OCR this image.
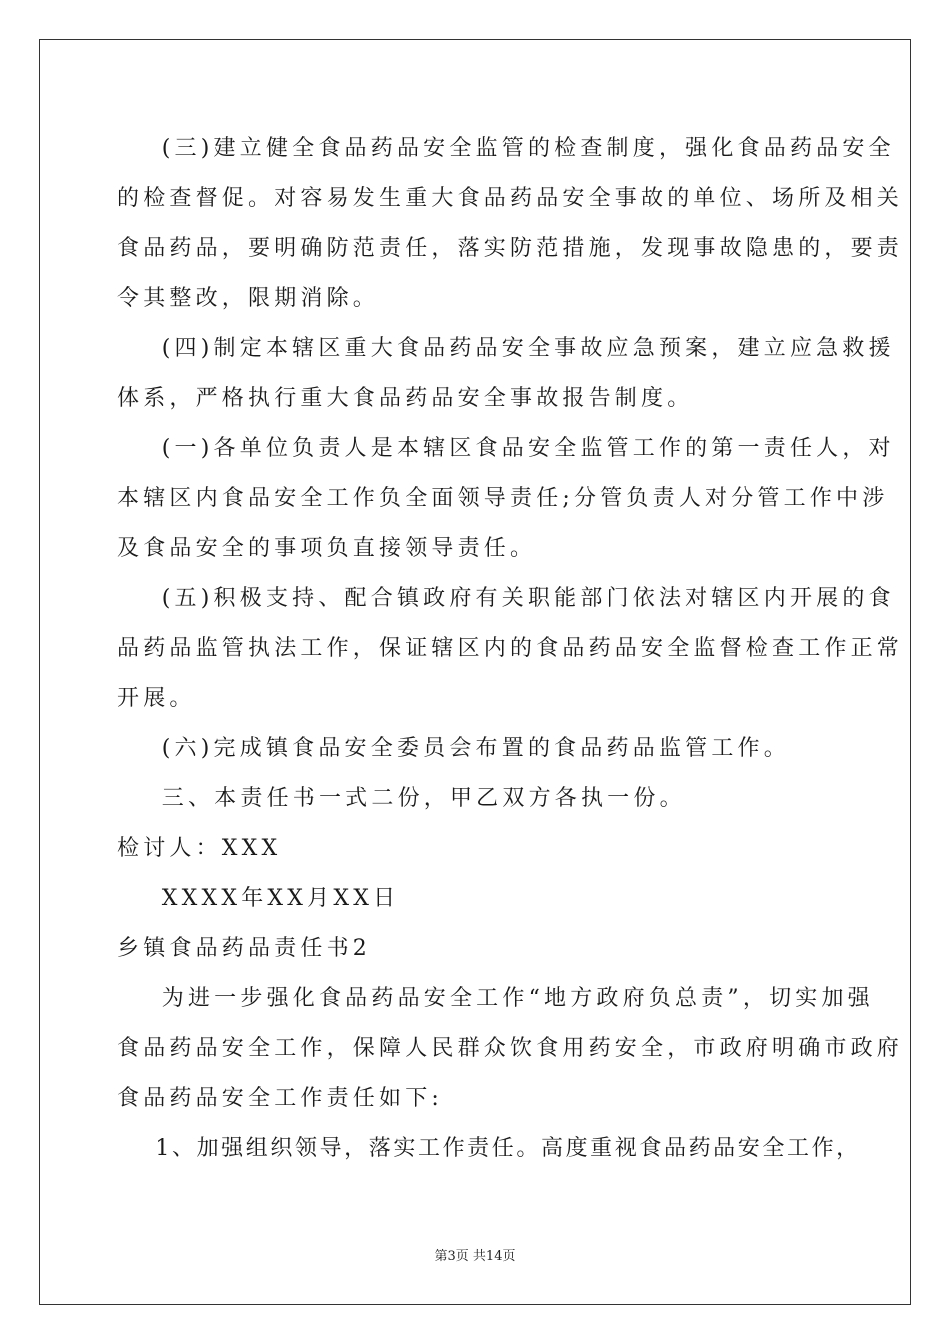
(三)建立健全食品药品安全监管的检查制度，强化食品药品安全
的检查督促。对容易发生重大食品药品安全事故的单位、场所及相关
食品药品，要明确防范责任，落实防范措施，发现事故隐患的，要责
令其整改，限期消除。
(四)制定本辖区重大食品药品安全事故应急预案，建立应急救援
体系，严格执行重大食品药品安全事故报告制度。
(一)各单位负责人是本辖区食品安全监管工作的第一责任人，对
本辖区内食品安全工作负全面领导责任;分管负责人对分管工作中涉
及食品安全的事项负直接领导责任。
(五)积极支持、配合镇政府有关职能部门依法对辖区内开展的食
品药品监管执法工作，保证辖区内的食品药品安全监督检查工作正常
开展。
(六)完成镇食品安全委员会布置的食品药品监管工作。
三、本责任书一式二份，甲乙双方各执一份。
检讨人：XXX
XXXX年XX月XX日
乡镇食品药品责任书2
为进一步强化食品药品安全工作“地方政府负总责”，切实加强
食品药品安全工作，保障人民群众饮食用药安全，市政府明确市政府
食品药品安全工作责任如下:
1、加强组织领导，落实工作责任。高度重视食品药品安全工作，
第3页 共14页
